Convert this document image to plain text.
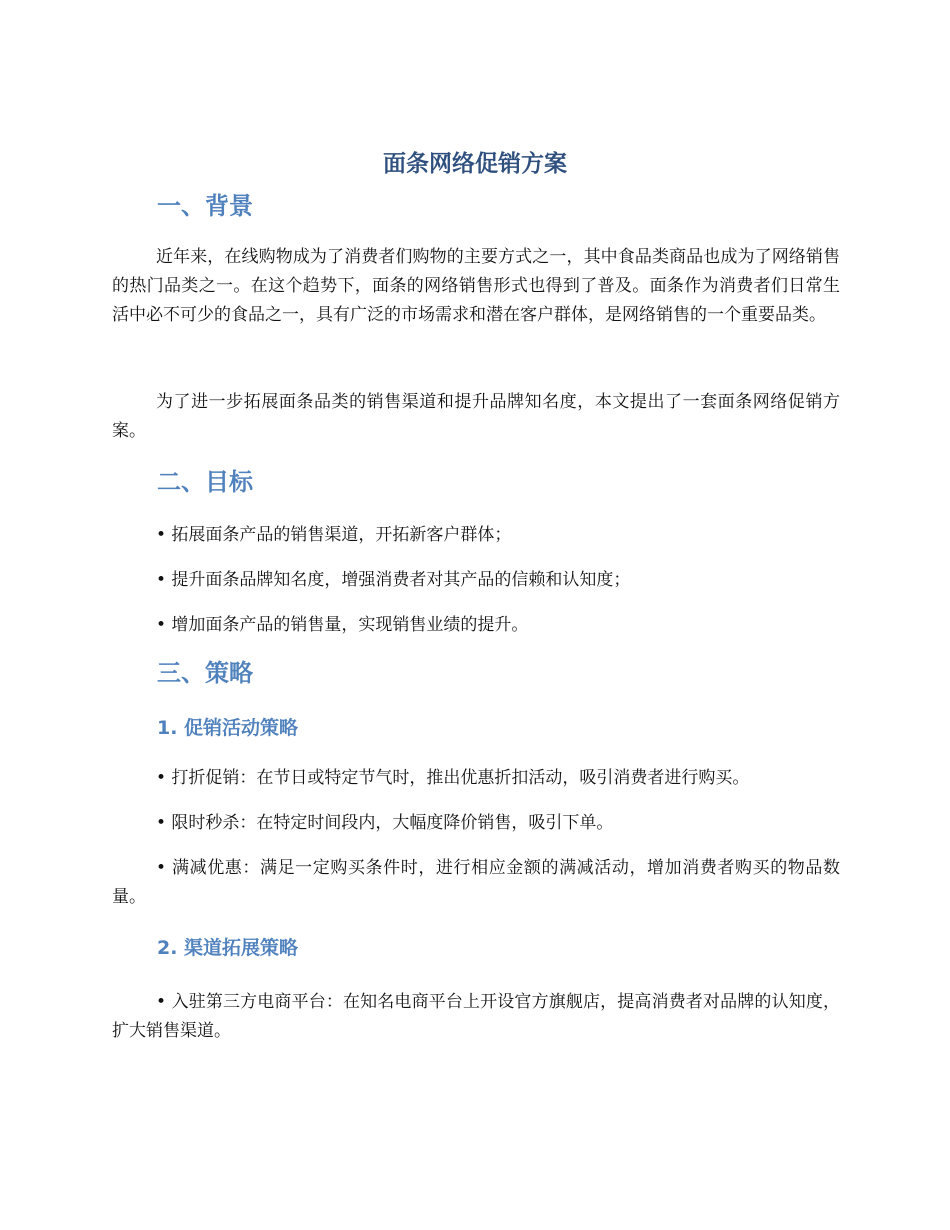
面条网络促销方案
一、背景
近年来，在线购物成为了消费者们购物的主要方式之一，其中食品类商品也成为了网络销售的热门品类之一。在这个趋势下，面条的网络销售形式也得到了普及。面条作为消费者们日常生活中必不可少的食品之一，具有广泛的市场需求和潜在客户群体，是网络销售的一个重要品类。
为了进一步拓展面条品类的销售渠道和提升品牌知名度，本文提出了一套面条网络促销方案。
二、目标
• 拓展面条产品的销售渠道，开拓新客户群体；
• 提升面条品牌知名度，增强消费者对其产品的信赖和认知度；
• 增加面条产品的销售量，实现销售业绩的提升。
三、策略
1. 促销活动策略
• 打折促销：在节日或特定节气时，推出优惠折扣活动，吸引消费者进行购买。
• 限时秒杀：在特定时间段内，大幅度降价销售，吸引下单。
• 满减优惠：满足一定购买条件时，进行相应金额的满减活动，增加消费者购买的物品数量。
2. 渠道拓展策略
• 入驻第三方电商平台：在知名电商平台上开设官方旗舰店，提高消费者对品牌的认知度，扩大销售渠道。
